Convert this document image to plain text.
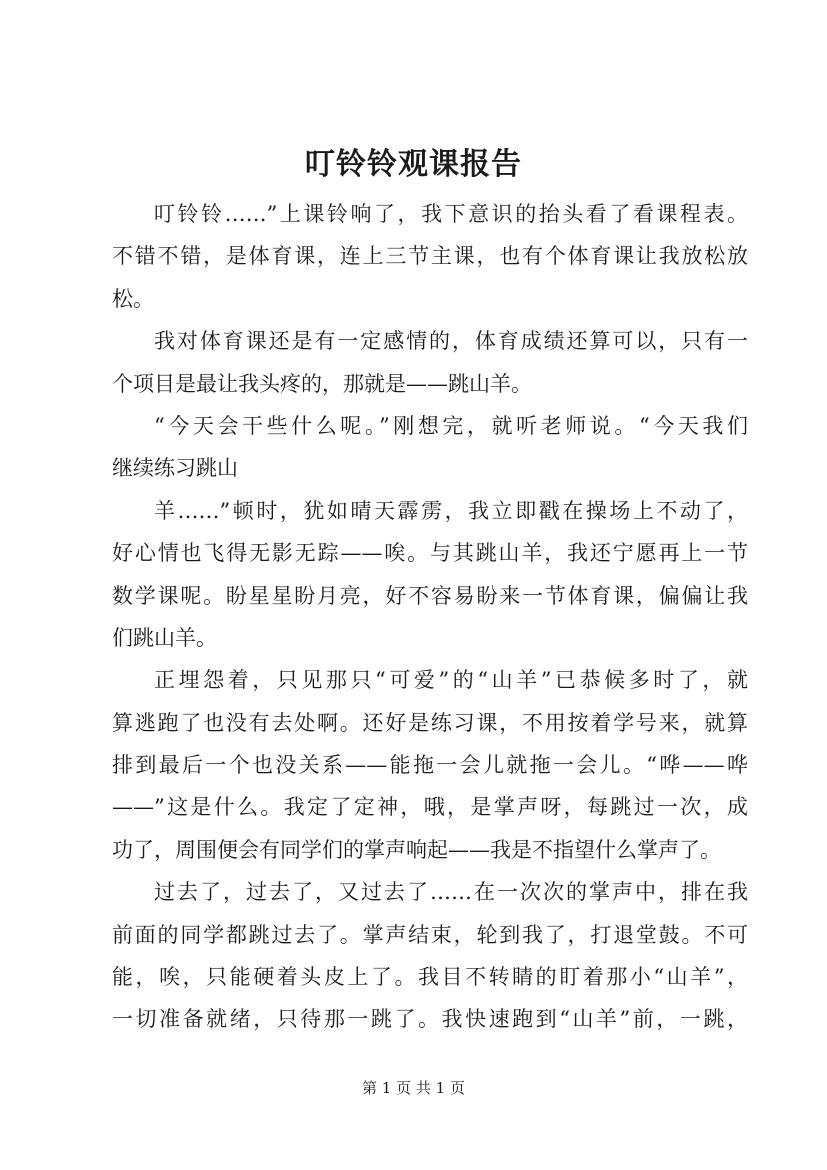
叮铃铃观课报告
叮铃铃……”上课铃响了，我下意识的抬头看了看课程表。
不错不错，是体育课，连上三节主课，也有个体育课让我放松放
松。
我对体育课还是有一定感情的，体育成绩还算可以，只有一
个项目是最让我头疼的，那就是——跳山羊。
“今天会干些什么呢。”刚想完，就听老师说。“今天我们
继续练习跳山
羊……”顿时，犹如晴天霹雳，我立即戳在操场上不动了，
好心情也飞得无影无踪——唉。与其跳山羊，我还宁愿再上一节
数学课呢。盼星星盼月亮，好不容易盼来一节体育课，偏偏让我
们跳山羊。
正埋怨着，只见那只“可爱”的“山羊”已恭候多时了，就
算逃跑了也没有去处啊。还好是练习课，不用按着学号来，就算
排到最后一个也没关系——能拖一会儿就拖一会儿。“哗——哗
——”这是什么。我定了定神，哦，是掌声呀，每跳过一次，成
功了，周围便会有同学们的掌声响起——我是不指望什么掌声了。
过去了，过去了，又过去了……在一次次的掌声中，排在我
前面的同学都跳过去了。掌声结束，轮到我了，打退堂鼓。不可
能，唉，只能硬着头皮上了。我目不转睛的盯着那小“山羊”，
一切准备就绪，只待那一跳了。我快速跑到“山羊”前，一跳，
第 1 页 共 1 页
